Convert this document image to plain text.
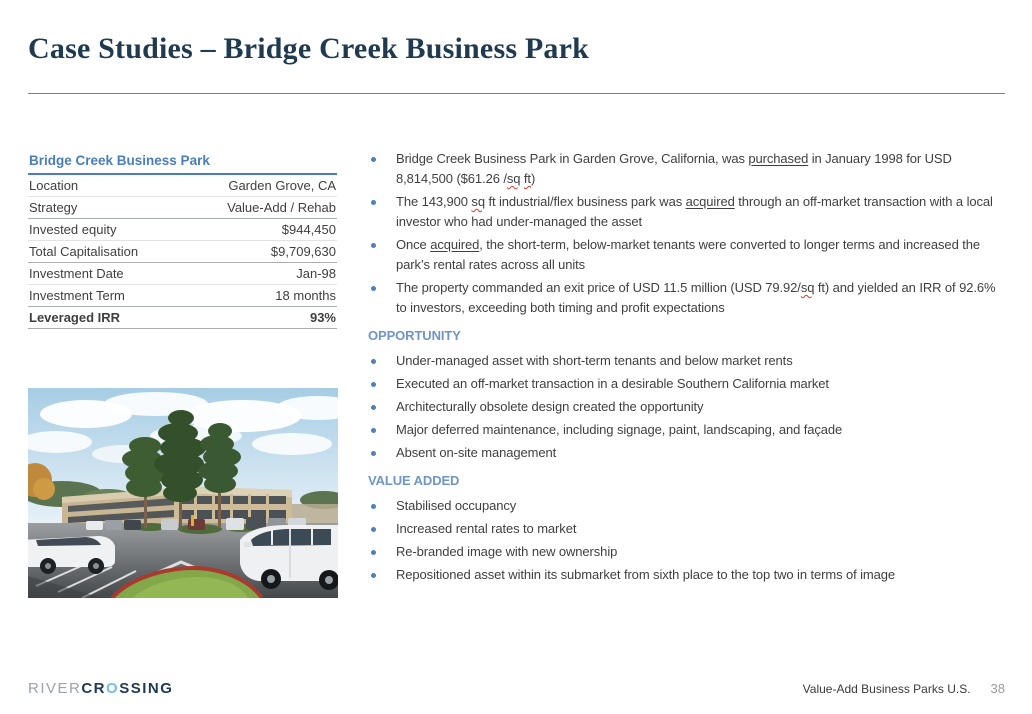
Case Studies – Bridge Creek Business Park
Bridge Creek Business Park	
Location	Garden Grove, CA
Strategy	Value-Add / Rehab
Invested equity	$944,450
Total Capitalisation	$9,709,630
Investment Date	Jan-98
Investment Term	18 months
Leveraged IRR	93%
Bridge Creek Business Park in Garden Grove, California, was purchased in January 1998 for USD 8,814,500 ($61.26 /sq ft)
The 143,900 sq ft industrial/flex business park was acquired through an off-market transaction with a local investor who had under-managed the asset
Once acquired, the short-term, below-market tenants were converted to longer terms and increased the park’s rental rates across all units
The property commanded an exit price of USD 11.5 million (USD 79.92/sq ft) and yielded an IRR of 92.6% to investors, exceeding both timing and profit expectations
OPPORTUNITY
Under-managed asset with short-term tenants and below market rents
Executed an off-market transaction in a desirable Southern California market
Architecturally obsolete design created the opportunity
Major deferred maintenance, including signage, paint, landscaping, and façade
Absent on-site management
VALUE ADDED
Stabilised occupancy
Increased rental rates to market
Re-branded image with new ownership
Repositioned asset within its submarket from sixth place to the top two in terms of image
RIVERCROSSING	Value-Add Business Parks U.S. 38
